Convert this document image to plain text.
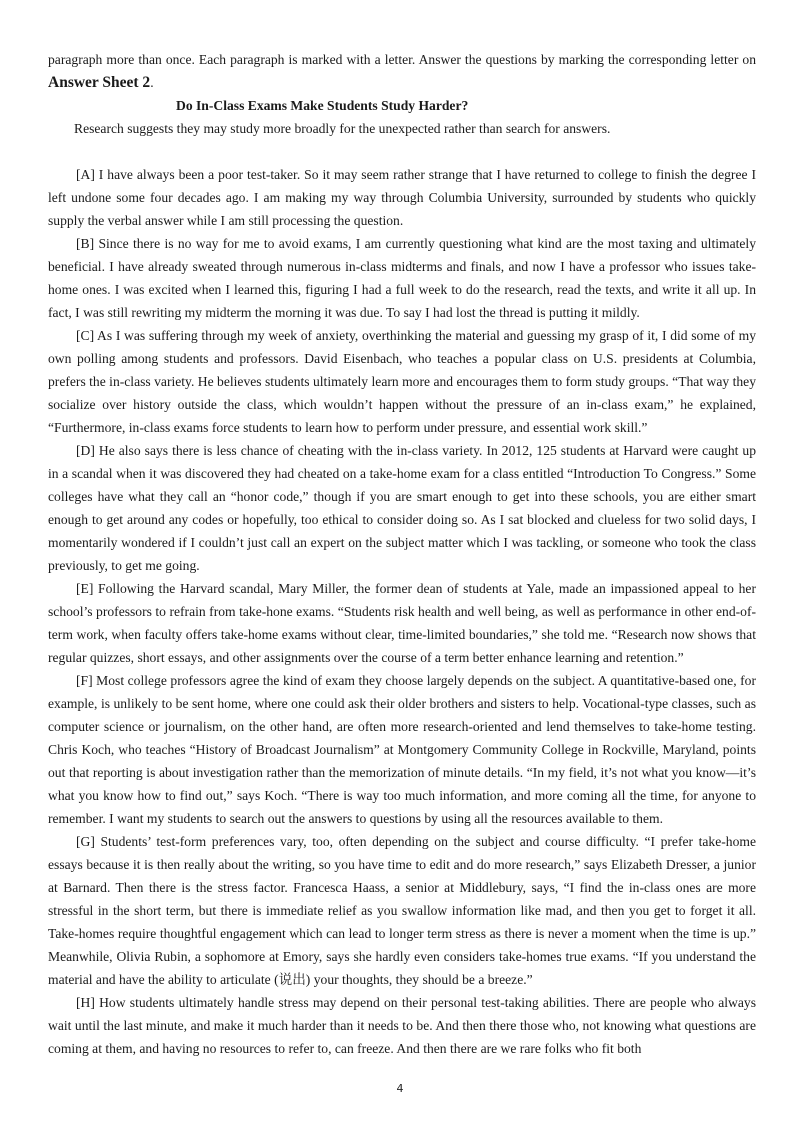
paragraph more than once. Each paragraph is marked with a letter. Answer the questions by marking the corresponding letter on Answer Sheet 2.

Do In-Class Exams Make Students Study Harder?

Research suggests they may study more broadly for the unexpected rather than search for answers.

[A] I have always been a poor test-taker. So it may seem rather strange that I have returned to college to finish the degree I left undone some four decades ago. I am making my way through Columbia University, surrounded by students who quickly supply the verbal answer while I am still processing the question.

[B] Since there is no way for me to avoid exams, I am currently questioning what kind are the most taxing and ultimately beneficial. I have already sweated through numerous in-class midterms and finals, and now I have a professor who issues take-home ones. I was excited when I learned this, figuring I had a full week to do the research, read the texts, and write it all up. In fact, I was still rewriting my midterm the morning it was due. To say I had lost the thread is putting it mildly.

[C] As I was suffering through my week of anxiety, overthinking the material and guessing my grasp of it, I did some of my own polling among students and professors. David Eisenbach, who teaches a popular class on U.S. presidents at Columbia, prefers the in-class variety. He believes students ultimately learn more and encourages them to form study groups. “That way they socialize over history outside the class, which wouldn’t happen without the pressure of an in-class exam,” he explained, “Furthermore, in-class exams force students to learn how to perform under pressure, and essential work skill.”

[D] He also says there is less chance of cheating with the in-class variety. In 2012, 125 students at Harvard were caught up in a scandal when it was discovered they had cheated on a take-home exam for a class entitled “Introduction To Congress.” Some colleges have what they call an “honor code,” though if you are smart enough to get into these schools, you are either smart enough to get around any codes or hopefully, too ethical to consider doing so. As I sat blocked and clueless for two solid days, I momentarily wondered if I couldn’t just call an expert on the subject matter which I was tackling, or someone who took the class previously, to get me going.

[E] Following the Harvard scandal, Mary Miller, the former dean of students at Yale, made an impassioned appeal to her school’s professors to refrain from take-hone exams. “Students risk health and well being, as well as performance in other end-of-term work, when faculty offers take-home exams without clear, time-limited boundaries,” she told me. “Research now shows that regular quizzes, short essays, and other assignments over the course of a term better enhance learning and retention.”

[F] Most college professors agree the kind of exam they choose largely depends on the subject. A quantitative-based one, for example, is unlikely to be sent home, where one could ask their older brothers and sisters to help. Vocational-type classes, such as computer science or journalism, on the other hand, are often more research-oriented and lend themselves to take-home testing. Chris Koch, who teaches “History of Broadcast Journalism” at Montgomery Community College in Rockville, Maryland, points out that reporting is about investigation rather than the memorization of minute details. “In my field, it’s not what you know—it’s what you know how to find out,” says Koch. “There is way too much information, and more coming all the time, for anyone to remember. I want my students to search out the answers to questions by using all the resources available to them.

[G] Students’ test-form preferences vary, too, often depending on the subject and course difficulty. “I prefer take-home essays because it is then really about the writing, so you have time to edit and do more research,” says Elizabeth Dresser, a junior at Barnard. Then there is the stress factor. Francesca Haass, a senior at Middlebury, says, “I find the in-class ones are more stressful in the short term, but there is immediate relief as you swallow information like mad, and then you get to forget it all. Take-homes require thoughtful engagement which can lead to longer term stress as there is never a moment when the time is up.” Meanwhile, Olivia Rubin, a sophomore at Emory, says she hardly even considers take-homes true exams. “If you understand the material and have the ability to articulate (说出) your thoughts, they should be a breeze.”

[H] How students ultimately handle stress may depend on their personal test-taking abilities. There are people who always wait until the last minute, and make it much harder than it needs to be. And then there those who, not knowing what questions are coming at them, and having no resources to refer to, can freeze. And then there are we rare folks who fit both

4
